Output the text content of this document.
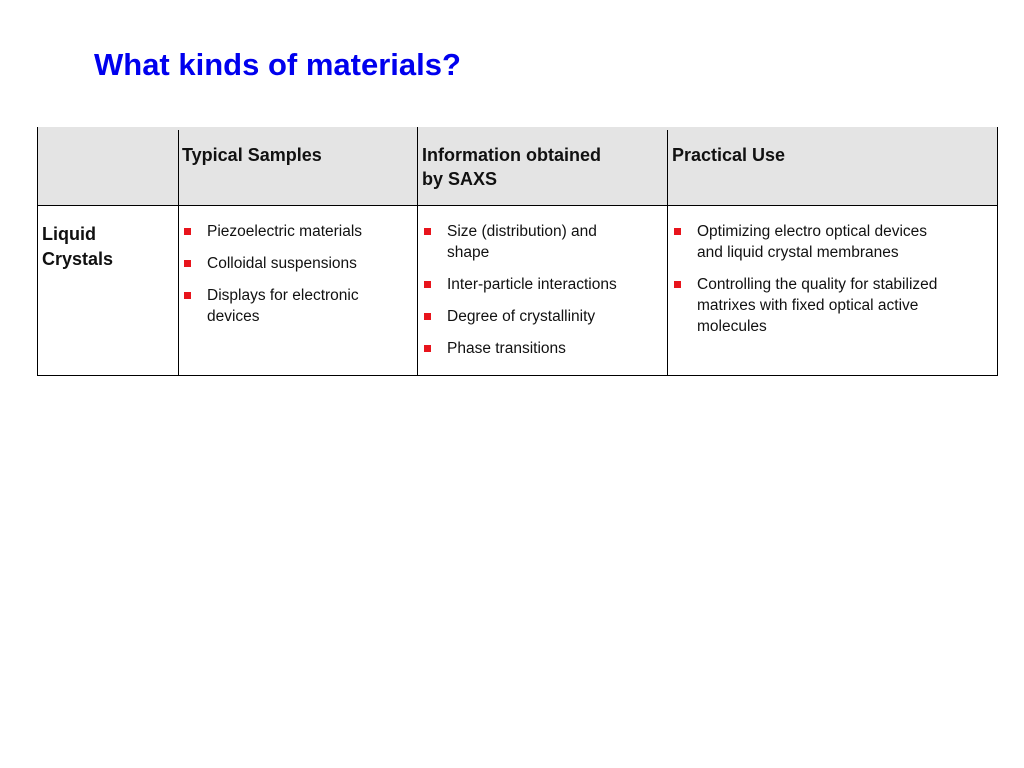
What kinds of materials?
Typical Samples	Information obtained
by SAXS
Practical Use
Liquid
Crystals
Piezoelectric materials
Colloidal suspensions
Displays for electronic
devices
Size (distribution) and
shape
Inter-particle interactions
Degree of crystallinity
Phase transitions
Optimizing electro optical devices
and liquid crystal membranes
Controlling the quality for stabilized
matrixes with fixed optical active
molecules
